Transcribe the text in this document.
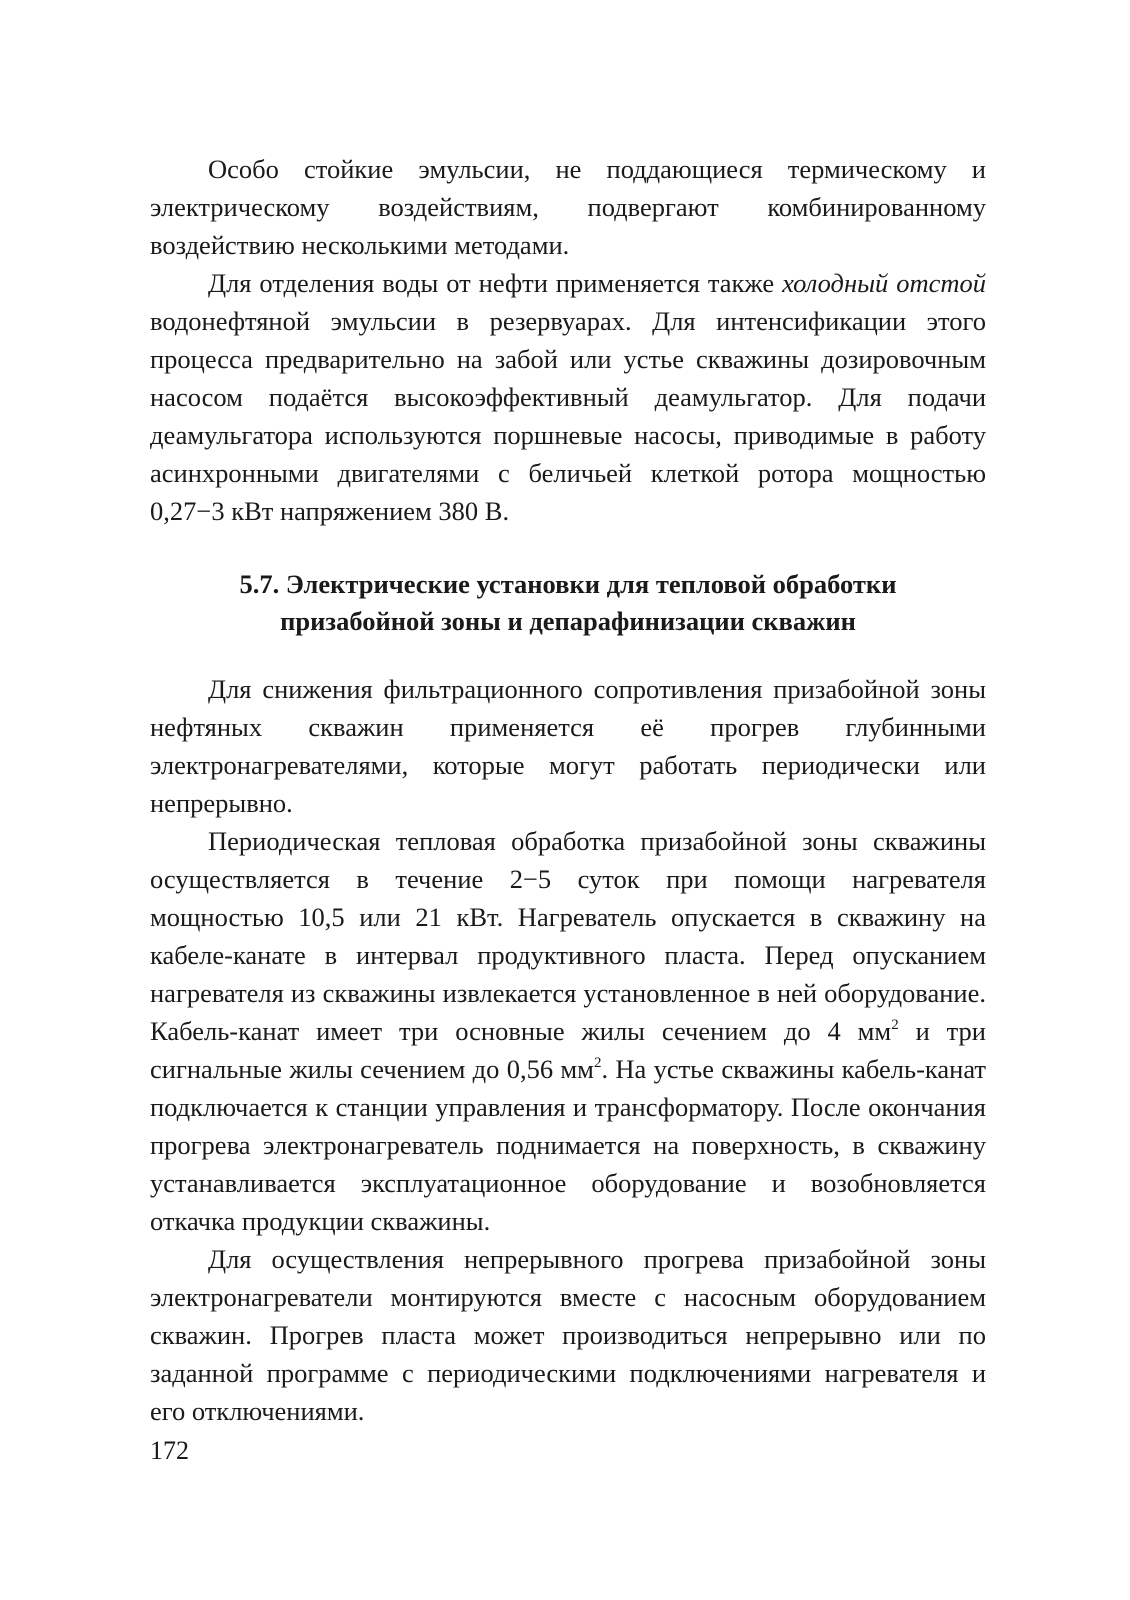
Особо стойкие эмульсии, не поддающиеся термическому и электрическому воздействиям, подвергают комбинированному воздействию несколькими методами.

Для отделения воды от нефти применяется также холодный отстой водонефтяной эмульсии в резервуарах. Для интенсификации этого процесса предварительно на забой или устье скважины дозировочным насосом подаётся высокоэффективный деамульгатор. Для подачи деамульгатора используются поршневые насосы, приводимые в работу асинхронными двигателями с беличьей клеткой ротора мощностью 0,27−3 кВт напряжением 380 В.

5.7. Электрические установки для тепловой обработки
призабойной зоны и депарафинизации скважин

Для снижения фильтрационного сопротивления призабойной зоны нефтяных скважин применяется её прогрев глубинными электронагревателями, которые могут работать периодически или непрерывно.

Периодическая тепловая обработка призабойной зоны скважины осуществляется в течение 2−5 суток при помощи нагревателя мощностью 10,5 или 21 кВт. Нагреватель опускается в скважину на кабеле-канате в интервал продуктивного пласта. Перед опусканием нагревателя из скважины извлекается установленное в ней оборудование. Кабель-канат имеет три основные жилы сечением до 4 $мм^2$ и три сигнальные жилы сечением до 0,56 $мм^2$. На устье скважины кабель-канат подключается к станции управления и трансформатору. После окончания прогрева электронагреватель поднимается на поверхность, в скважину устанавливается эксплуатационное оборудование и возобновляется откачка продукции скважины.

Для осуществления непрерывного прогрева призабойной зоны электронагреватели монтируются вместе с насосным оборудованием скважин. Прогрев пласта может производиться непрерывно или по заданной программе с периодическими подключениями нагревателя и его отключениями.

172
